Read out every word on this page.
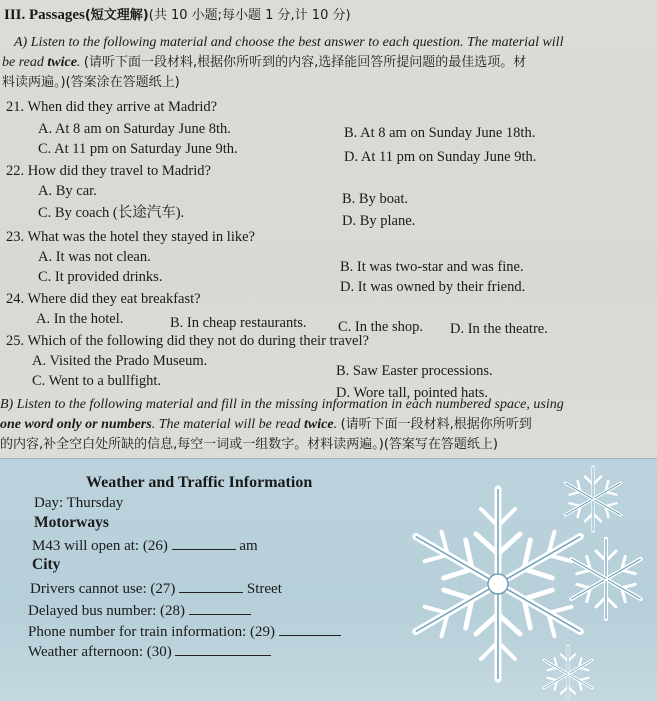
III. Passages(短文理解)(共 10 小题;每小题 1 分,计 10 分)
A) Listen to the following material and choose the best answer to each question. The material will
be read twice. (请听下面一段材料,根据你所听到的内容,选择能回答所提问题的最佳选项。材
料读两遍。)(答案涂在答题纸上)
21. When did they arrive at Madrid?
A. At 8 am on Saturday June 8th.	B. At 8 am on Sunday June 18th.
C. At 11 pm on Saturday June 9th.	D. At 11 pm on Sunday June 9th.
22. How did they travel to Madrid?
A. By car.	B. By boat.
C. By coach (长途汽车).	D. By plane.
23. What was the hotel they stayed in like?
A. It was not clean.
B. It was two-star and was fine.
C. It provided drinks.
D. It was owned by their friend.
24. Where did they eat breakfast?
A. In the hotel.	B. In cheap restaurants. C. In the shop. D. In the theatre.
25. Which of the following did they not do during their travel?
A. Visited the Prado Museum.
B. Saw Easter processions.
C. Went to a bullfight.
D. Wore tall, pointed hats.
B) Listen to the following material and fill in the missing information in each numbered space, using
one word only or numbers. The material will be read twice. (请听下面一段材料,根据你所听到
的内容,补全空白处所缺的信息,每空一词或一组数字。材料读两遍。)(答案写在答题纸上)
Weather and Traffic Information
Day: Thursday
Motorways
M43 will open at: (26)	am
City
Drivers cannot use: (27)	Street
Delayed bus number: (28)
Phone number for train information: (29)
Weather afternoon: (30)
